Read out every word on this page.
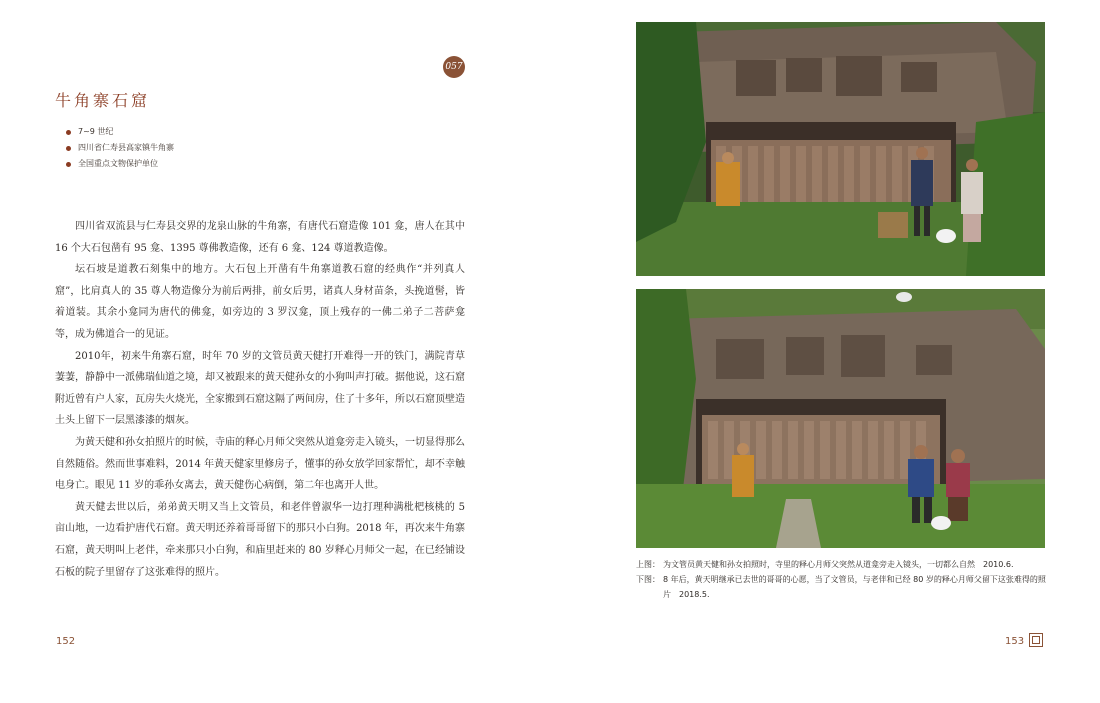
057
牛角寨石窟
7~9 世纪
四川省仁寿县高家镇牛角寨
全国重点文物保护单位

四川省双流县与仁寿县交界的龙泉山脉的牛角寨，有唐代石窟造像 101 龛，唐人在其中 16 个大石包凿有 95 龛、1395 尊佛教造像，还有 6 龛、124 尊道教造像。

坛石坡是道教石刻集中的地方。大石包上开凿有牛角寨道教石窟的经典作“并列真人窟”，比肩真人的 35 尊人物造像分为前后两排，前女后男，诸真人身材苗条，头挽道髻，皆着道装。其余小龛同为唐代的佛龛，如旁边的 3 罗汉龛，顶上残存的一佛二弟子二菩萨龛等，成为佛道合一的见证。

2010年，初来牛角寨石窟，时年 70 岁的文管员黄天健打开难得一开的铁门，满院青草萋萋，静静中一派佛瑞仙道之境，却又被跟来的黄天健孙女的小狗叫声打破。据他说，这石窟附近曾有户人家，瓦房失火烧光，全家搬到石窟这隔了两间房，住了十多年，所以石窟顶壁造土头上留下一层黑漆漆的烟灰。

为黄天健和孙女拍照片的时候，寺庙的释心月师父突然从道龛旁走入镜头，一切显得那么自然随俗。然而世事难料，2014 年黄天健家里修房子，懂事的孙女放学回家帮忙，却不幸触电身亡。眼见 11 岁的乖孙女离去，黄天健伤心病倒，第二年也离开人世。

黄天健去世以后，弟弟黄天明又当上文管员，和老伴曾淑华一边打理种满枇杷核桃的 5 亩山地，一边看护唐代石窟。黄天明还养着哥哥留下的那只小白狗。2018 年，再次来牛角寨石窟，黄天明叫上老伴，牵来那只小白狗，和庙里赶来的 80 岁释心月师父一起，在已经铺设石板的院子里留存了这张难得的照片。

152
上图： 为文管员黄天健和孙女拍照时，寺里的释心月师父突然从道龛旁走入镜头，一切都么自然　2010.6.
下图： 8 年后，黄天明继承已去世的哥哥的心愿，当了文管员，与老伴和已经 80 岁的释心月师父留下这张难得的照片　2018.5.
153
